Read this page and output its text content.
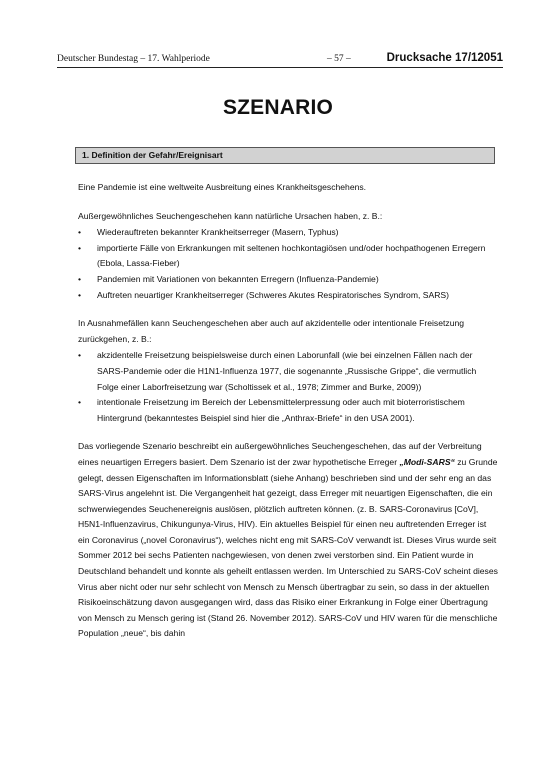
Deutscher Bundestag – 17. Wahlperiode	– 57 –	Drucksache 17/12051
SZENARIO
1. Definition der Gefahr/Ereignisart

Eine Pandemie ist eine weltweite Ausbreitung eines Krankheitsgeschehens.

Außergewöhnliches Seuchengeschehen kann natürliche Ursachen haben, z. B.:

• Wiederauftreten bekannter Krankheitserreger (Masern, Typhus)
• importierte Fälle von Erkrankungen mit seltenen hochkontagiösen und/oder hochpathogenen Erregern (Ebola, Lassa-Fieber)
• Pandemien mit Variationen von bekannten Erregern (Influenza-Pandemie)
• Auftreten neuartiger Krankheitserreger (Schweres Akutes Respiratorisches Syndrom, SARS)

In Ausnahmefällen kann Seuchengeschehen aber auch auf akzidentelle oder intentionale Freisetzung zurückgehen, z. B.:

• akzidentelle Freisetzung beispielsweise durch einen Laborunfall (wie bei einzelnen Fällen nach der SARS-Pandemie oder die H1N1-Influenza 1977, die sogenannte „Russische Grippe“, die vermutlich Folge einer Laborfreisetzung war (Scholtissek et al., 1978; Zimmer and Burke, 2009))
• intentionale Freisetzung im Bereich der Lebensmittelerpressung oder auch mit bioterroristischem Hintergrund (bekanntestes Beispiel sind hier die „Anthrax-Briefe“ in den USA 2001).

Das vorliegende Szenario beschreibt ein außergewöhnliches Seuchengeschehen, das auf der Verbreitung eines neuartigen Erregers basiert. Dem Szenario ist der zwar hypothetische Erreger „Modi-SARS“ zu Grunde gelegt, dessen Eigenschaften im Informationsblatt (siehe Anhang) beschrieben sind und der sehr eng an das SARS-Virus angelehnt ist. Die Vergangenheit hat gezeigt, dass Erreger mit neuartigen Eigenschaften, die ein schwerwiegendes Seuchenereignis auslösen, plötzlich auftreten können. (z. B. SARS-Coronavirus [CoV], H5N1-Influenzavirus, Chikungunya-Virus, HIV). Ein aktuelles Beispiel für einen neu auftretenden Erreger ist ein Coronavirus („novel Coronavirus“), welches nicht eng mit SARS-CoV verwandt ist. Dieses Virus wurde seit Sommer 2012 bei sechs Patienten nachgewiesen, von denen zwei verstorben sind. Ein Patient wurde in Deutschland behandelt und konnte als geheilt entlassen werden. Im Unterschied zu SARS-CoV scheint dieses Virus aber nicht oder nur sehr schlecht von Mensch zu Mensch übertragbar zu sein, so dass in der aktuellen Risikoeinschätzung davon ausgegangen wird, dass das Risiko einer Erkrankung in Folge einer Übertragung von Mensch zu Mensch gering ist (Stand 26. November 2012). SARS-CoV und HIV waren für die menschliche Population „neue“, bis dahin
